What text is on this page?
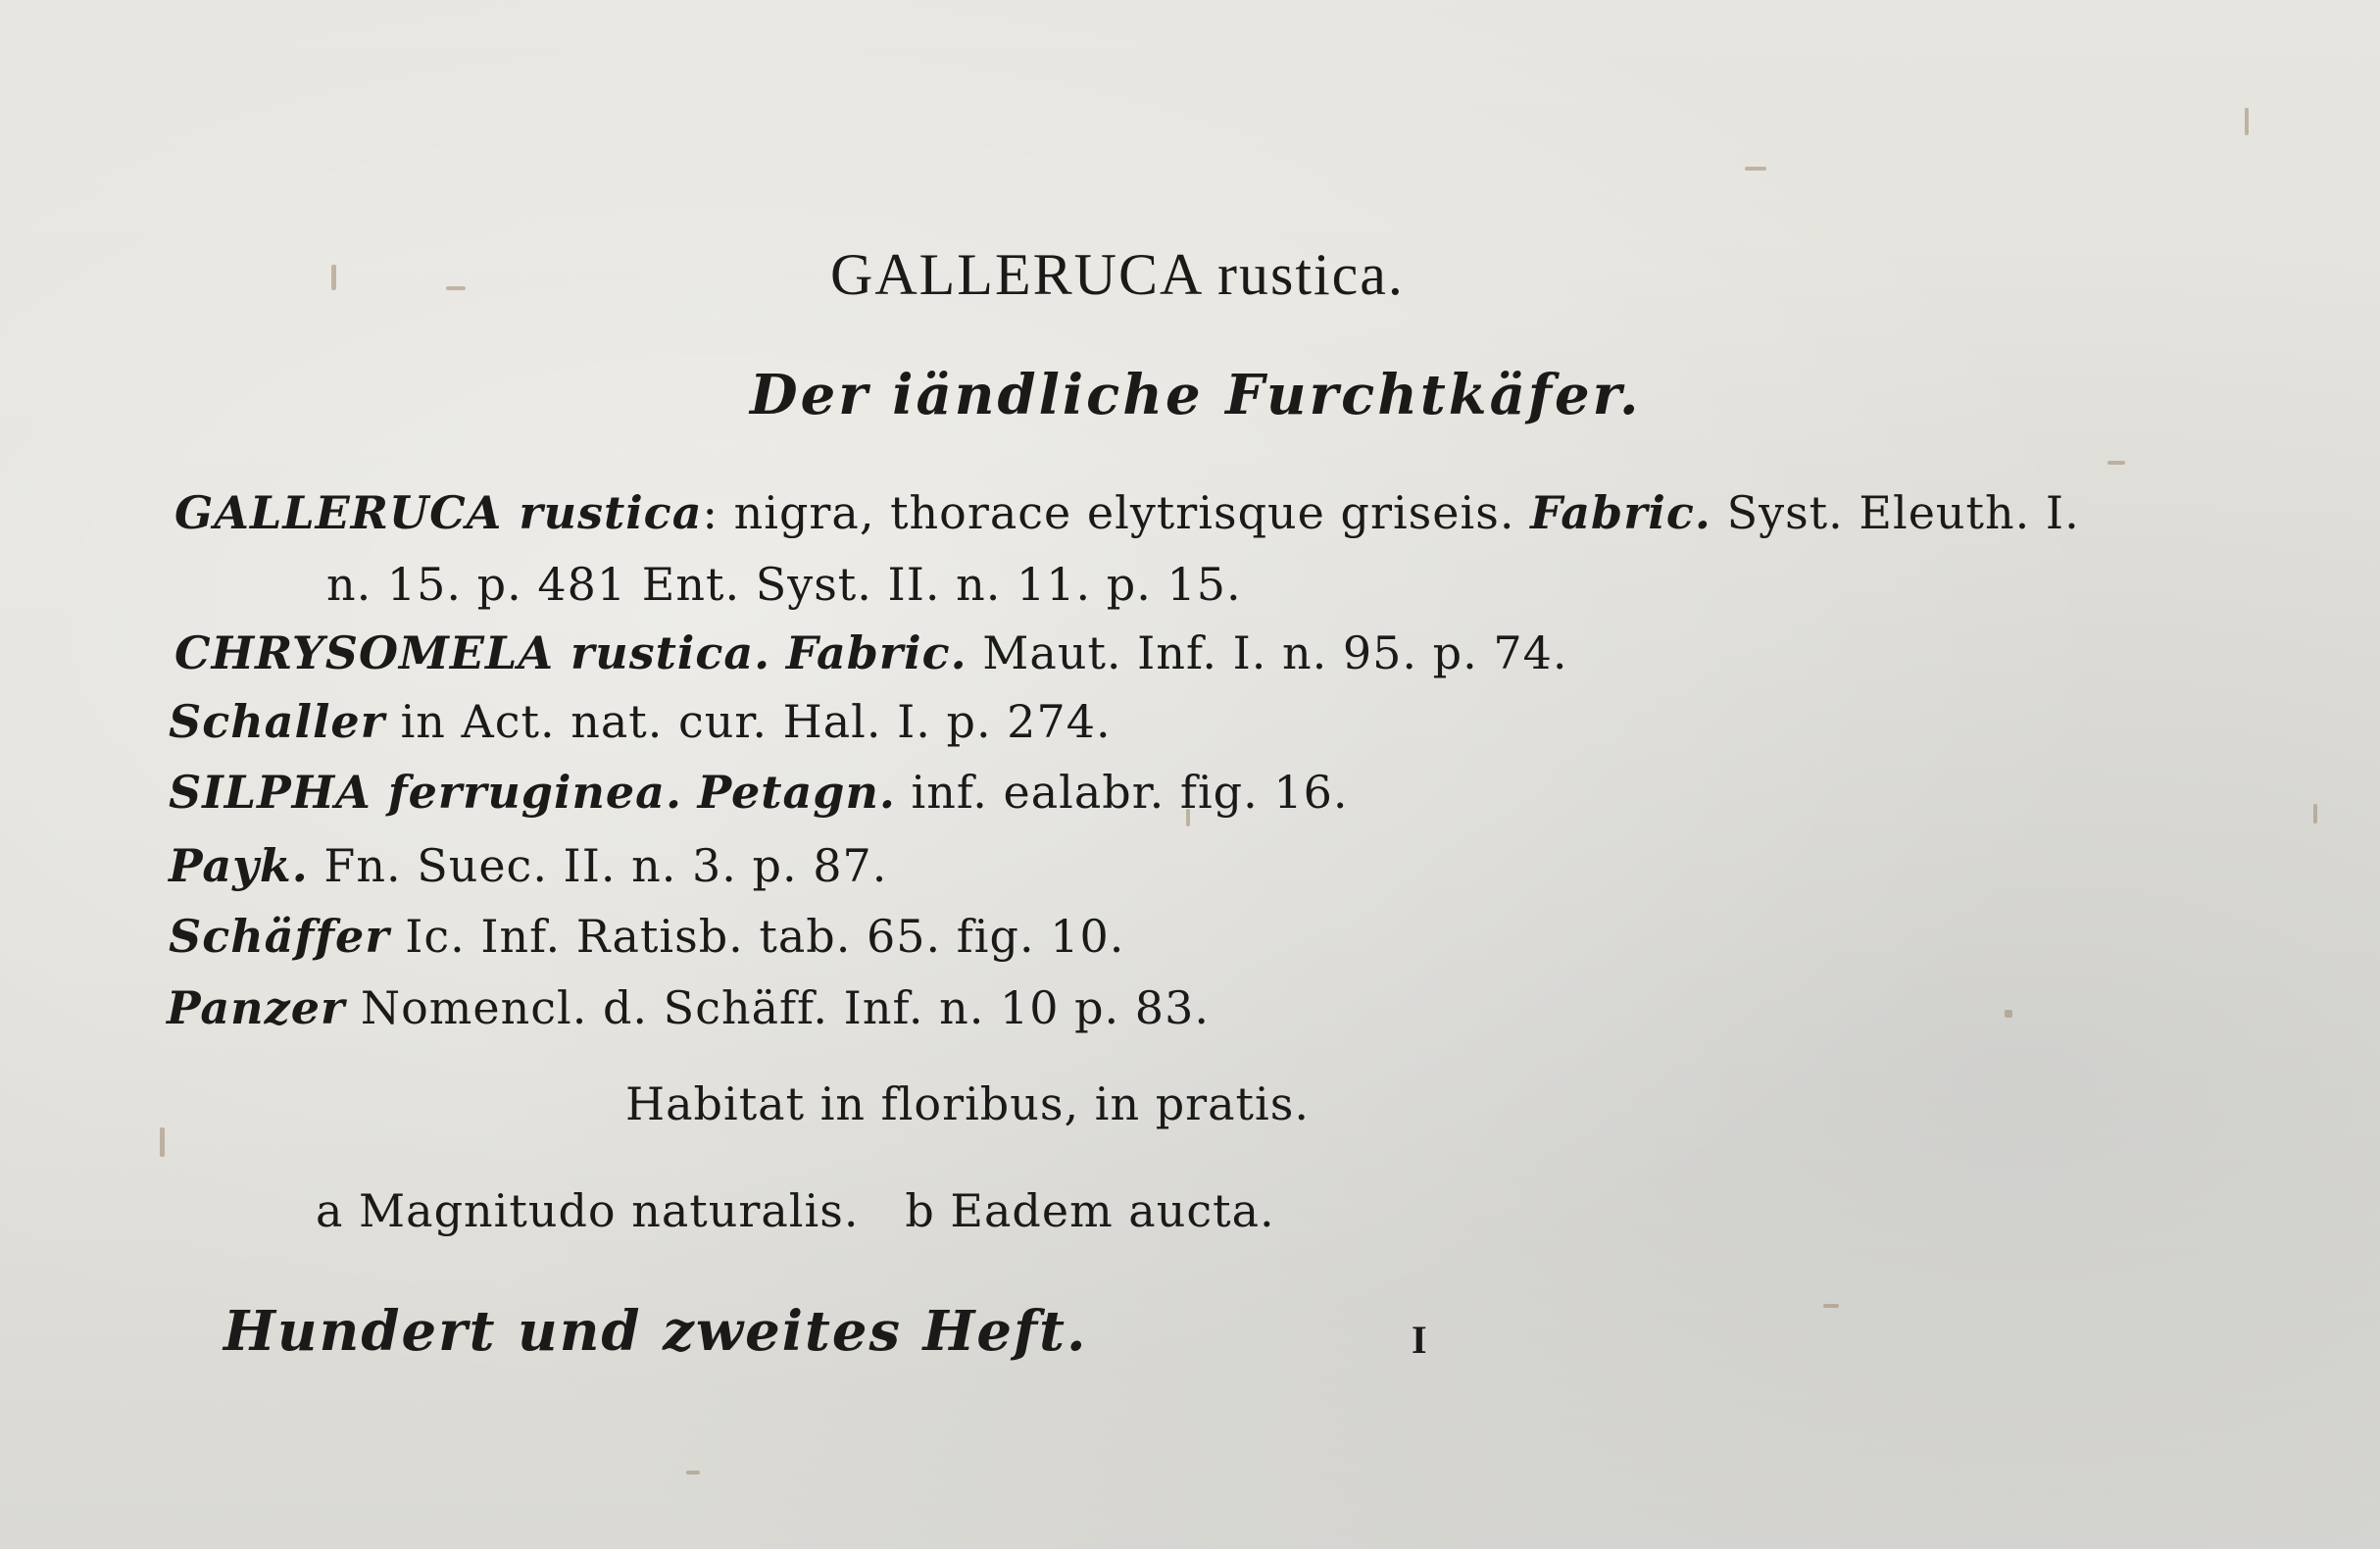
GALLERUCA rustica.
Der iändliche Furchtkäfer.
GALLERUCA rustica: nigra, thorace elytrisque griseis. Fabric. Syst. Eleuth. I.
n. 15. p. 481 Ent. Syst. II. n. 11. p. 15.
CHRYSOMELA rustica. Fabric. Maut. Inf. I. n. 95. p. 74.
Schaller in Act. nat. cur. Hal. I. p. 274.
SILPHA ferruginea. Petagn. inf. ealabr. fig. 16.
Payk. Fn. Suec. II. n. 3. p. 87.
Schäffer Ic. Inf. Ratisb. tab. 65. fig. 10.
Panzer Nomencl. d. Schäff. Inf. n. 10 p. 83.
Habitat in floribus, in pratis.
a Magnitudo naturalis.   b Eadem aucta.
Hundert und zweites Heft.	I
